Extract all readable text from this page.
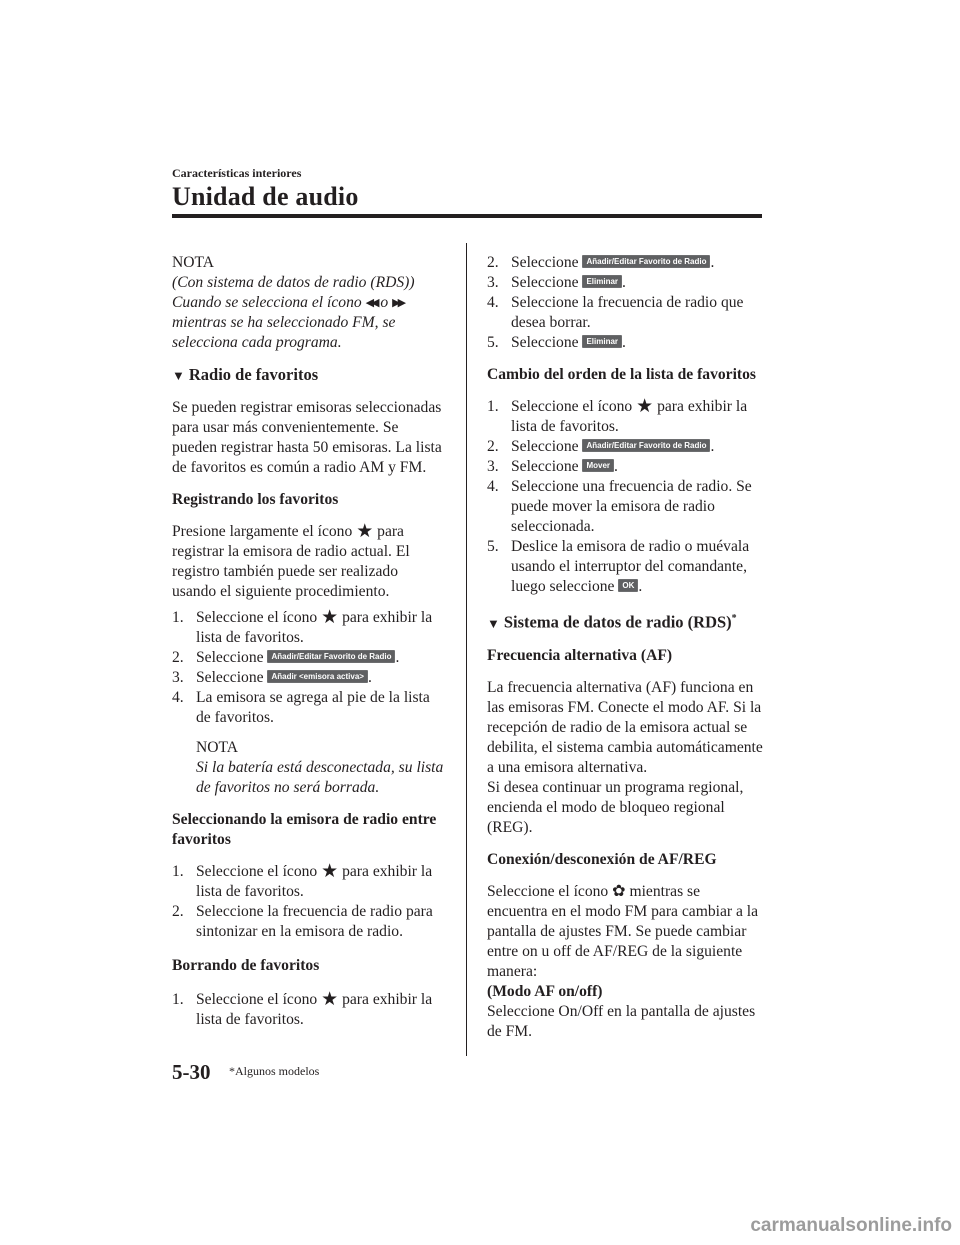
Características interiores
Unidad de audio

NOTA

(Con sistema de datos de radio (RDS))

Cuando se selecciona el ícono ◀◀ o ▶▶ mientras se ha seleccionado FM, se selecciona cada programa.

▼ Radio de favoritos

Se pueden registrar emisoras seleccionadas para usar más convenientemente. Se pueden registrar hasta 50 emisoras. La lista de favoritos es común a radio AM y FM.

Registrando los favoritos

Presione largamente el ícono ★ para registrar la emisora de radio actual. El registro también puede ser realizado usando el siguiente procedimiento.

1. Seleccione el ícono ★ para exhibir la lista de favoritos.
2. Seleccione Añadir/Editar Favorito de Radio .
3. Seleccione Añadir <emisora activa> .
4. La emisora se agrega al pie de la lista de favoritos.

NOTA

Si la batería está desconectada, su lista de favoritos no será borrada.

Seleccionando la emisora de radio entre favoritos

1. Seleccione el ícono ★ para exhibir la lista de favoritos.
2. Seleccione la frecuencia de radio para sintonizar en la emisora de radio.

Borrando de favoritos

1. Seleccione el ícono ★ para exhibir la lista de favoritos.
2. Seleccione Añadir/Editar Favorito de Radio .
3. Seleccione Eliminar .
4. Seleccione la frecuencia de radio que desea borrar.
5. Seleccione Eliminar .

Cambio del orden de la lista de favoritos

1. Seleccione el ícono ★ para exhibir la lista de favoritos.
2. Seleccione Añadir/Editar Favorito de Radio .
3. Seleccione Mover .
4. Seleccione una frecuencia de radio. Se puede mover la emisora de radio seleccionada.
5. Deslice la emisora de radio o muévala usando el interruptor del comandante, luego seleccione OK .

▼ Sistema de datos de radio (RDS)*

Frecuencia alternativa (AF)

La frecuencia alternativa (AF) funciona en las emisoras FM. Conecte el modo AF. Si la recepción de radio de la emisora actual se debilita, el sistema cambia automáticamente a una emisora alternativa.

Si desea continuar un programa regional, encienda el modo de bloqueo regional (REG).

Conexión/desconexión de AF/REG

Seleccione el ícono ✿ mientras se encuentra en el modo FM para cambiar a la pantalla de ajustes FM. Se puede cambiar entre on u off de AF/REG de la siguiente manera:

(Modo AF on/off)

Seleccione On/Off en la pantalla de ajustes de FM.

5-30 *Algunos modelos
carmanualsonline.info
